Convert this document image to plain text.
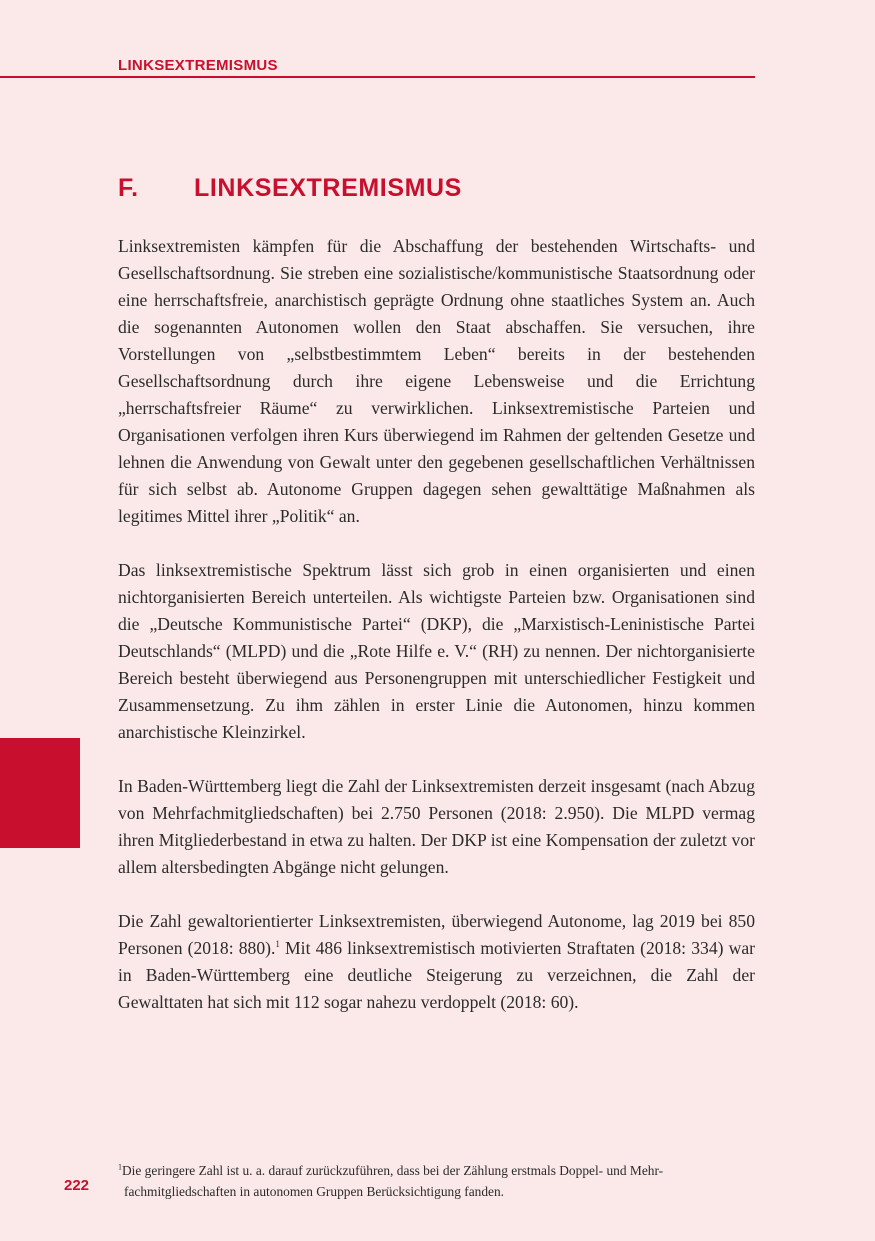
LINKSEXTREMISMUS
F. LINKSEXTREMISMUS

Linksextremisten kämpfen für die Abschaffung der bestehenden Wirtschafts- und Gesellschaftsordnung. Sie streben eine sozialistische/kommunistische Staatsordnung oder eine herrschaftsfreie, anarchistisch geprägte Ordnung ohne staatliches System an. Auch die sogenannten Autonomen wollen den Staat abschaffen. Sie versuchen, ihre Vorstellungen von „selbstbestimmtem Leben“ bereits in der bestehenden Gesellschaftsordnung durch ihre eigene Lebensweise und die Errichtung „herrschaftsfreier Räume“ zu verwirklichen. Linksextremistische Parteien und Organisationen verfolgen ihren Kurs überwiegend im Rahmen der geltenden Gesetze und lehnen die Anwendung von Gewalt unter den gegebenen gesellschaftlichen Verhältnissen für sich selbst ab. Autonome Gruppen dagegen sehen gewalttätige Maßnahmen als legitimes Mittel ihrer „Politik“ an.

Das linksextremistische Spektrum lässt sich grob in einen organisierten und einen nichtorganisierten Bereich unterteilen. Als wichtigste Parteien bzw. Organisationen sind die „Deutsche Kommunistische Partei“ (DKP), die „Marxistisch-Leninistische Partei Deutschlands“ (MLPD) und die „Rote Hilfe e. V.“ (RH) zu nennen. Der nichtorganisierte Bereich besteht überwiegend aus Personengruppen mit unterschiedlicher Festigkeit und Zusammensetzung. Zu ihm zählen in erster Linie die Autonomen, hinzu kommen anarchistische Kleinzirkel.

In Baden-Württemberg liegt die Zahl der Linksextremisten derzeit insgesamt (nach Abzug von Mehrfachmitgliedschaften) bei 2.750 Personen (2018: 2.950). Die MLPD vermag ihren Mitgliederbestand in etwa zu halten. Der DKP ist eine Kompensation der zuletzt vor allem altersbedingten Abgänge nicht gelungen.

Die Zahl gewaltorientierter Linksextremisten, überwiegend Autonome, lag 2019 bei 850 Personen (2018: 880).$^1$ Mit 486 linksextremistisch motivierten Straftaten (2018: 334) war in Baden-Württemberg eine deutliche Steigerung zu verzeichnen, die Zahl der Gewalttaten hat sich mit 112 sogar nahezu verdoppelt (2018: 60).

$^1$Die geringere Zahl ist u. a. darauf zurückzuführen, dass bei der Zählung erstmals Doppel- und Mehr-
fachmitgliedschaften in autonomen Gruppen Berücksichtigung fanden.
222
